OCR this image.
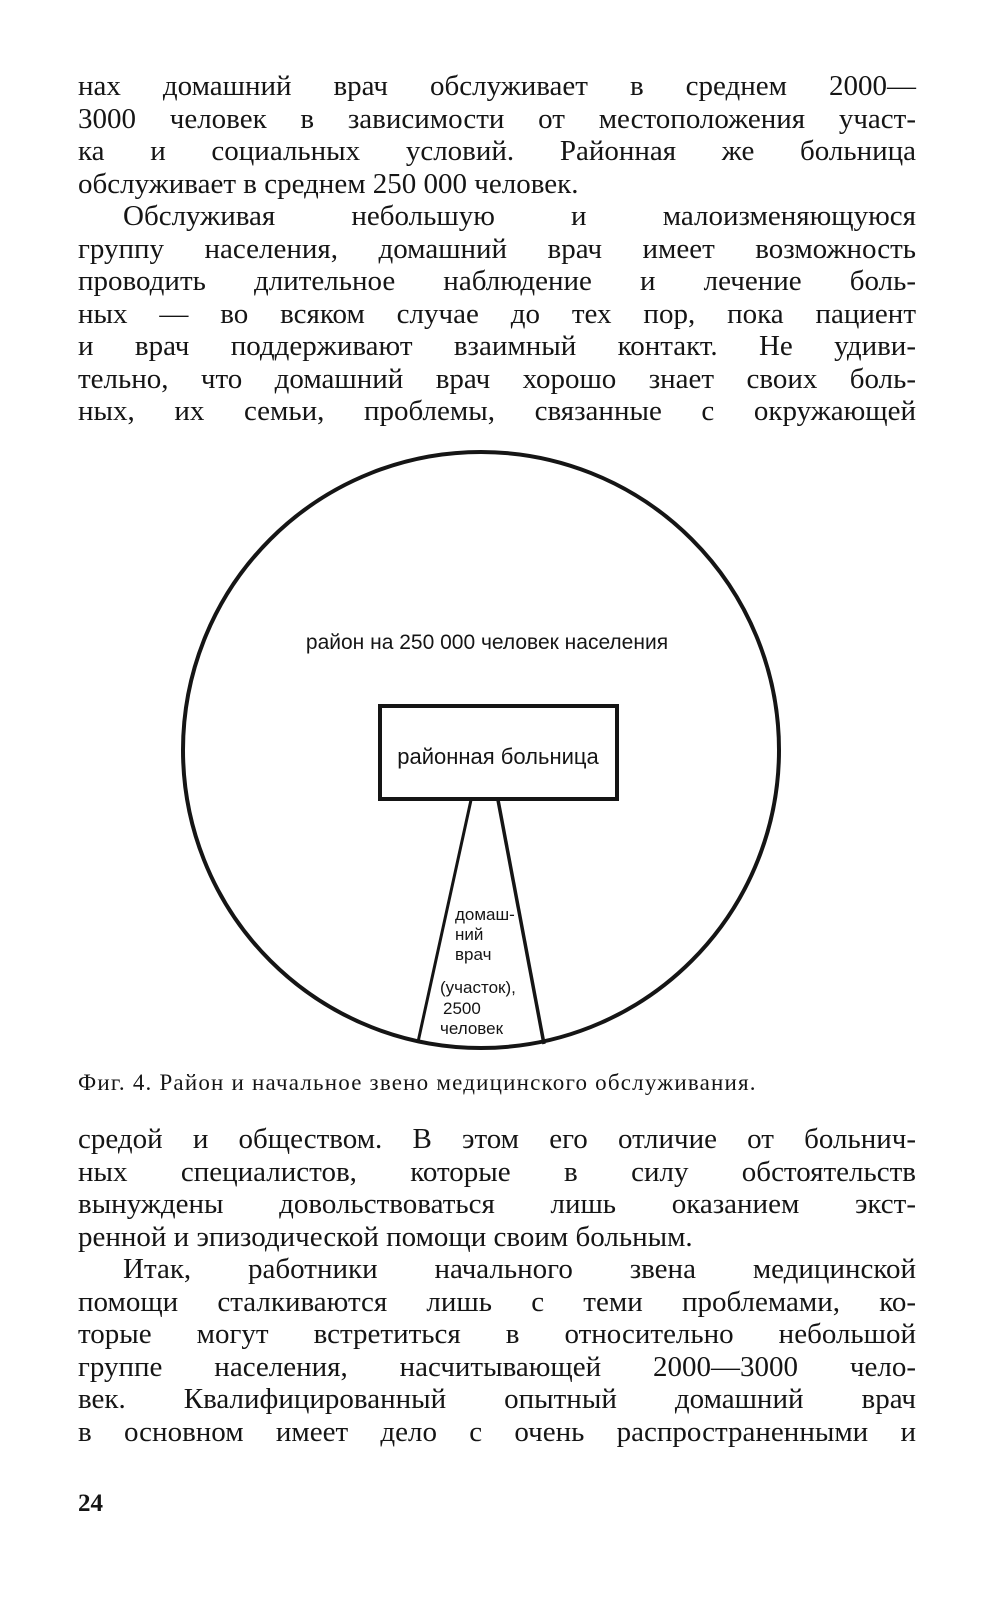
нах домашний врач обслуживает в среднем 2000—
3000 человек в зависимости от местоположения участ-
ка и социальных условий. Районная же больница
обслуживает в среднем 250 000 человек.
Обслуживая небольшую и малоизменяющуюся
группу населения, домашний врач имеет возможность
проводить длительное наблюдение и лечение боль-
ных — во всяком случае до тех пор, пока пациент
и врач поддерживают взаимный контакт. Не удиви-
тельно, что домашний врач хорошо знает своих боль-
ных, их семьи, проблемы, связанные с окружающей
район на 250 000 человек населения
районная больница
домаш-
ний
врач
(участок),
2500
человек
Фиг. 4. Район и начальное звено медицинского обслуживания.
средой и обществом. В этом его отличие от больнич-
ных специалистов, которые в силу обстоятельств
вынуждены довольствоваться лишь оказанием экст-
ренной и эпизодической помощи своим больным.
Итак, работники начального звена медицинской
помощи сталкиваются лишь с теми проблемами, ко-
торые могут встретиться в относительно небольшой
группе населения, насчитывающей 2000—3000 чело-
век. Квалифицированный опытный домашний врач
в основном имеет дело с очень распространенными и
24
